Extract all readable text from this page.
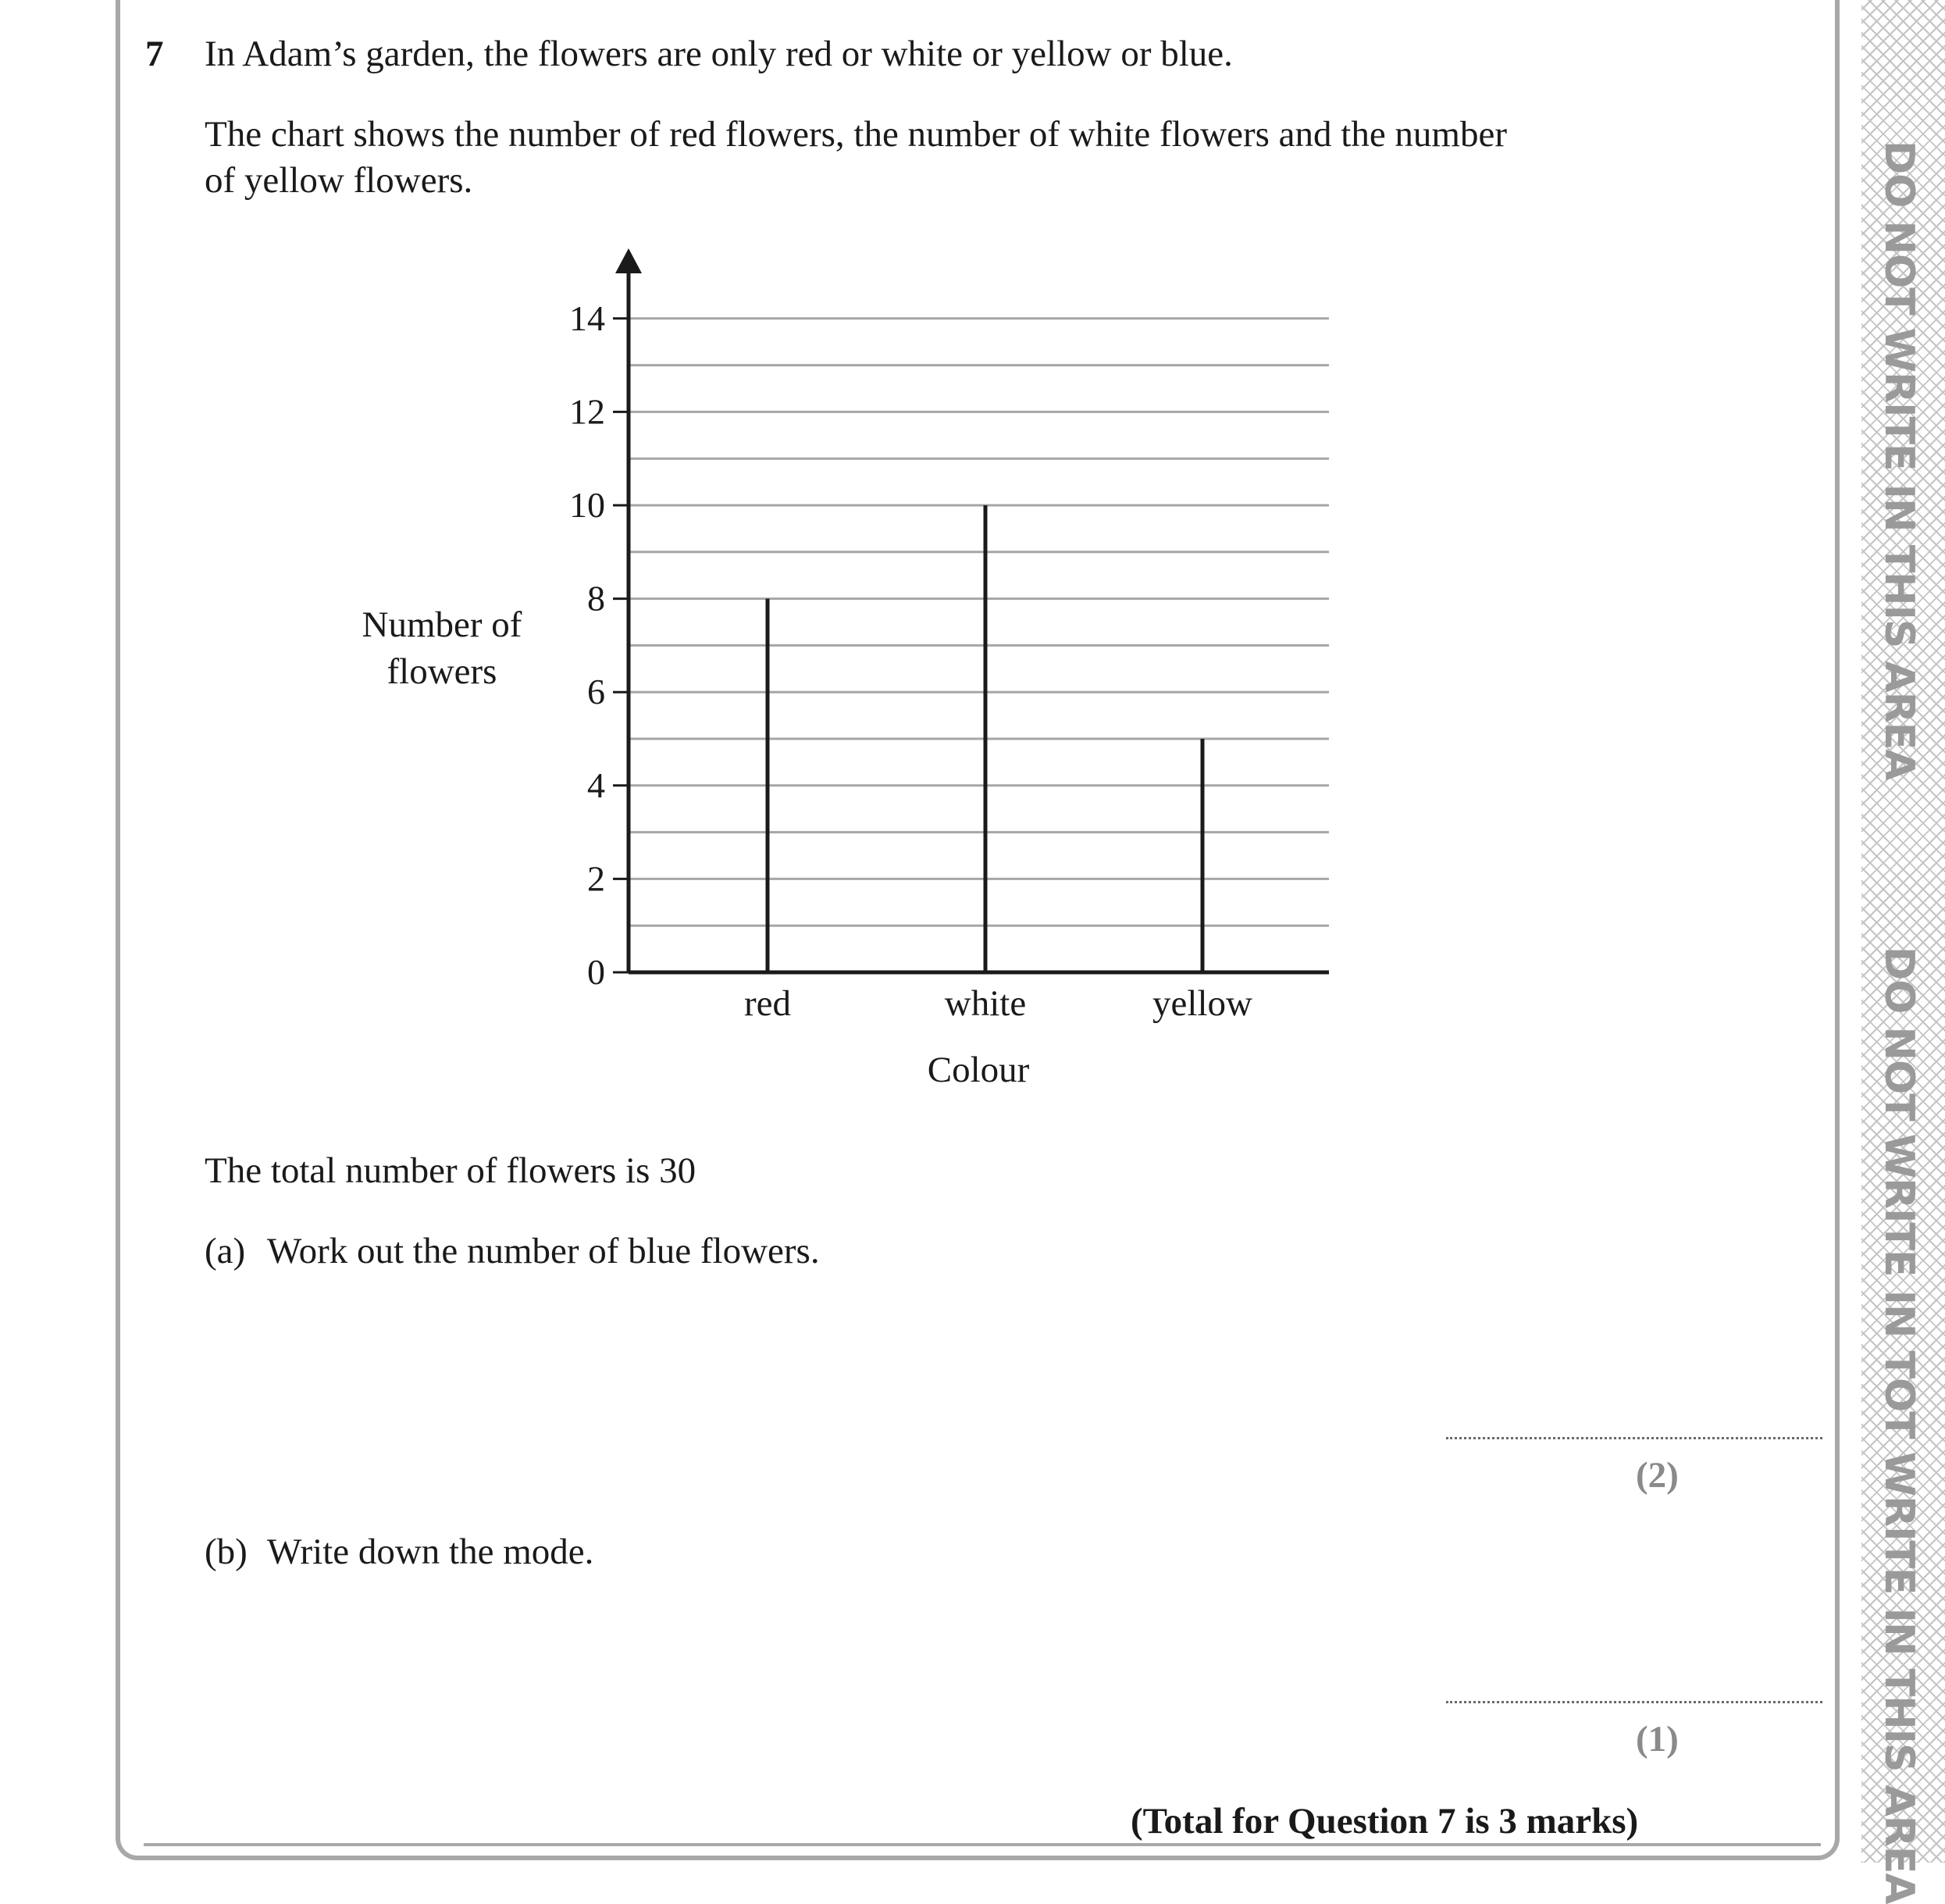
7 In Adam’s garden, the flowers are only red or white or yellow or blue.
The chart shows the number of red flowers, the number of white flowers and the number
of yellow flowers.
0
2
4
6
8
10
12
14
Number of
flowers
Colour
red	white	yellow
The total number of flowers is 30
(a) Work out the number of blue flowers.
(2)
(b) Write down the mode.
(1)
(Total for Question 7 is 3 marks)
DO NOT WRITE IN THIS AREA
DO NOT WRITE IN TOT WRITE IN THIS AREA
